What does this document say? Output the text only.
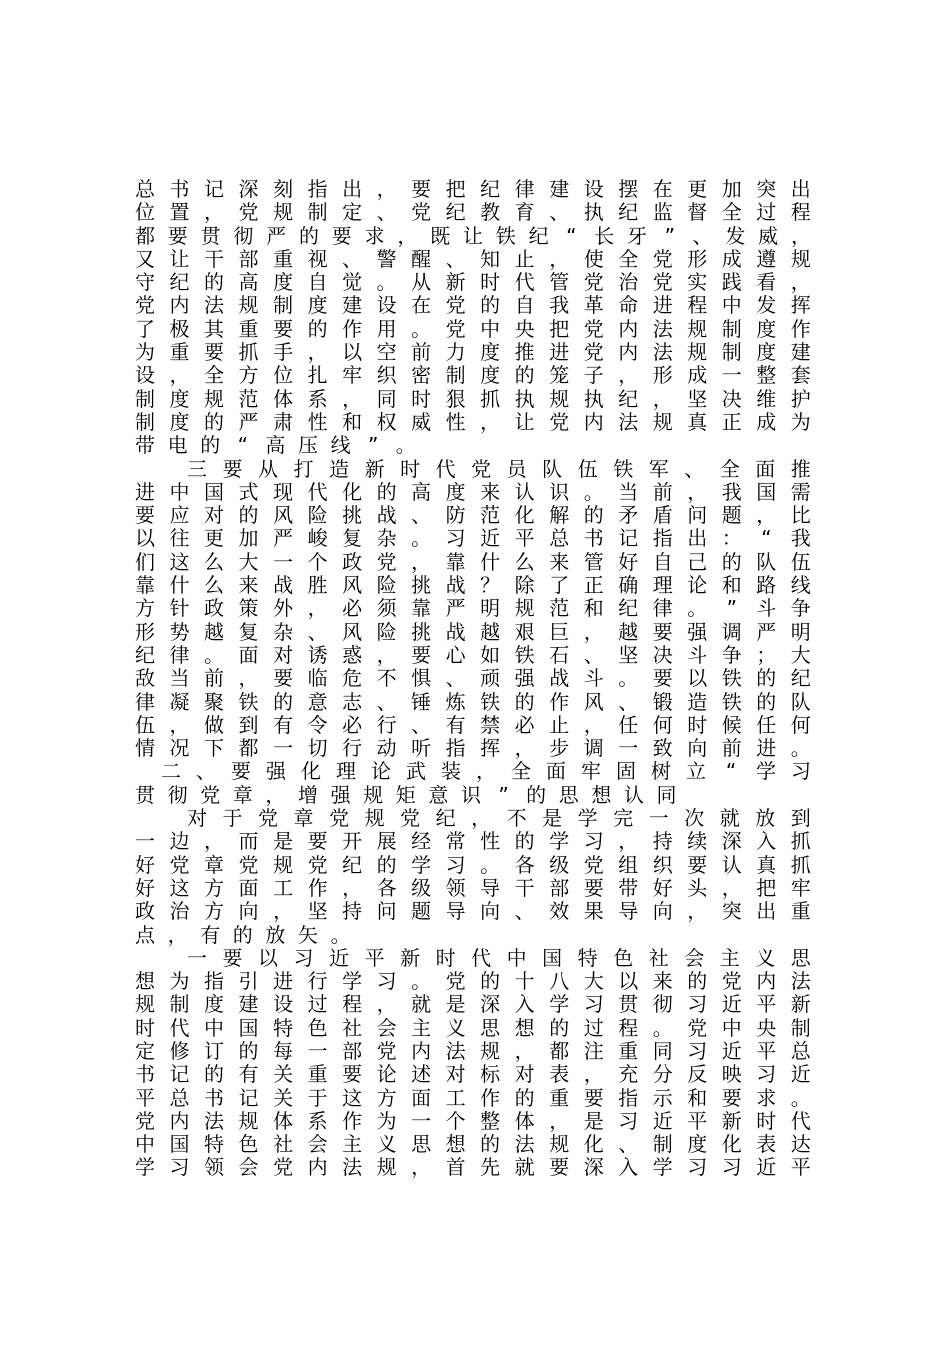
总 书 记 深 刻 指 出 ， 要 把 纪 律 建 设 摆 在 更 加 突 出
位 置 ， 党 规 制 定 、 党 纪 教 育 、 执 纪 监 督 全 过 程
都 要 贯 彻 严 的 要 求 ， 既 让 铁 纪 “ 长 牙 ” 、 发 威 ，
又 让 干 部 重 视 、 警 醒 、 知 止 ， 使 全 党 形 成 遵 规
守 纪 的 高 度 自 觉 。 从 新 时 代 管 党 治 党 实 践 看 ，
党 内 法 规 制 度 建 设 在 党 的 自 我 革 命 进 程 中 发 挥
了 极 其 重 要 的 作 用 。 党 中 央 把 党 内 法 规 制 度 作
为 重 要 抓 手 ， 以 空 前 力 度 推 进 党 内 法 规 制 度 建
设 ， 全 方 位 扎 牢 织 密 制 度 的 笼 子 ， 形 成 一 整 套
制 度 规 范 体 系 ， 同 时 狠 抓 执 规 执 纪 ， 坚 决 维 护
制 度 的 严 肃 性 和 权 威 性 ， 让 党 内 法 规 真 正 成 为
带 电 的 “ 高 压 线 ” 。
三 要 从 打 造 新 时 代 党 员 队 伍 铁 军 、 全 面 推
进 中 国 式 现 代 化 的 高 度 来 认 识 。 当 前 ， 我 国 需
要 应 对 的 风 险 挑 战 、 防 范 化 解 的 矛 盾 问 题 ， 比
以 往 更 加 严 峻 复 杂 。 习 近 平 总 书 记 指 出 ： “ 我
们 这 么 大 一 个 政 党 ， 靠 什 么 来 管 好 自 己 的 队 伍
靠 什 么 来 战 胜 风 险 挑 战 ？ 除 了 正 确 理 论 和 路 线
方 针 政 策 外 ， 必 须 靠 严 明 规 范 和 纪 律 。 ” 斗 争
形 势 越 复 杂 、 风 险 挑 战 越 艰 巨 ， 越 要 强 调 严 明
纪 律 。 面 对 诱 惑 ， 要 心 如 铁 石 、 坚 决 斗 争 ； 大
敌 当 前 ， 要 临 危 不 惧 、 顽 强 战 斗 。 要 以 铁 的 纪
律 凝 聚 铁 的 意 志 、 锤 炼 铁 的 作 风 、 锻 造 铁 的 队
伍 ， 做 到 有 令 必 行 、 有 禁 必 止 ， 任 何 时 候 任 何
情 况 下 都 一 切 行 动 听 指 挥 ， 步 调 一 致 向 前 进 。
二 、 要 强 化 理 论 武 装 ， 全 面 牢 固 树 立 “ 学 习
贯 彻 党 章 ， 增 强 规 矩 意 识 ” 的 思 想 认 同
对 于 党 章 党 规 党 纪 ， 不 是 学 完 一 次 就 放 到
一 边 ， 而 是 要 开 展 经 常 性 的 学 习 ， 持 续 深 入 抓
好 党 章 党 规 党 纪 的 学 习 。 各 级 党 组 织 要 认 真 抓
好 这 方 面 工 作 ， 各 级 领 导 干 部 要 带 好 头 ， 把 牢
政 治 方 向 ， 坚 持 问 题 导 向 、 效 果 导 向 ， 突 出 重
点 ， 有 的 放 矢 。
一 要 以 习 近 平 新 时 代 中 国 特 色 社 会 主 义 思
想 为 指 引 进 行 学 习 。 党 的 十 八 大 以 来 的 党 内 法
规 制 度 建 设 过 程 ， 就 是 深 入 学 习 贯 彻 习 近 平 新
时 代 中 国 特 色 社 会 主 义 思 想 的 过 程 。 党 中 央 制
定 修 订 的 每 一 部 党 内 法 规 ， 都 注 重 同 习 近 平 总
书 记 的 有 关 重 要 论 述 对 标 对 表 ， 充 分 反 映 习 近
平 总 书 记 关 于 这 方 面 工 作 的 重 要 指 示 和 要 求 。
党 内 法 规 体 系 作 为 一 个 整 体 ， 是 习 近 平 新 时 代
中 国 特 色 社 会 主 义 思 想 的 法 规 化 、 制 度 化 表 达
学 习 领 会 党 内 法 规 ， 首 先 就 要 深 入 学 习 习 近 平
